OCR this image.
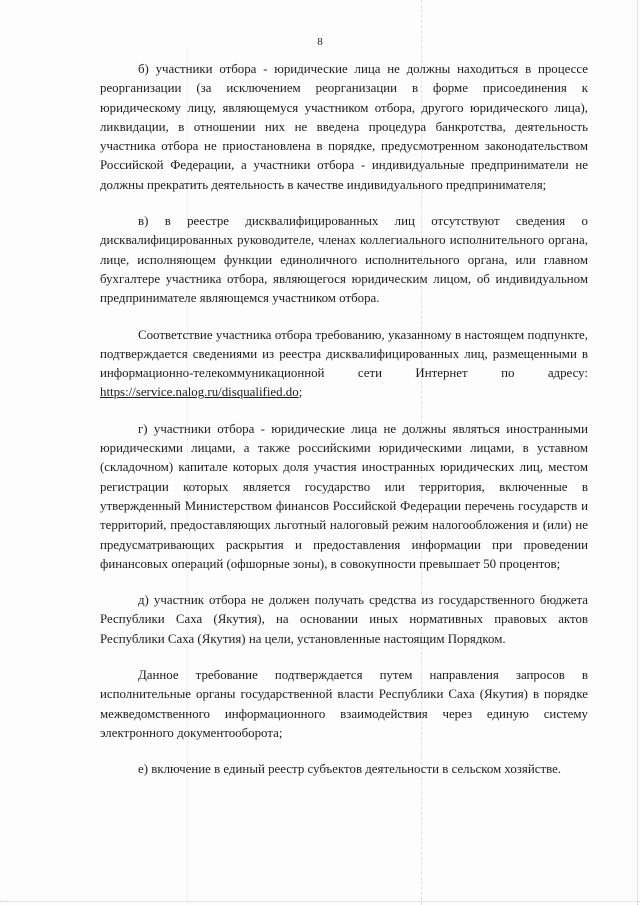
8

б) участники отбора - юридические лица не должны находиться в процессе реорганизации (за исключением реорганизации в форме присоединения к юридическому лицу, являющемуся участником отбора, другого юридического лица), ликвидации, в отношении них не введена процедура банкротства, деятельность участника отбора не приостановлена в порядке, предусмотренном законодательством Российской Федерации, а участники отбора - индивидуальные предприниматели не должны прекратить деятельность в качестве индивидуального предпринимателя;

в) в реестре дисквалифицированных лиц отсутствуют сведения о дисквалифицированных руководителе, членах коллегиального исполнительного органа, лице, исполняющем функции единоличного исполнительного органа, или главном бухгалтере участника отбора, являющегося юридическим лицом, об индивидуальном предпринимателе являющемся участником отбора.

Соответствие участника отбора требованию, указанному в настоящем подпункте, подтверждается сведениями из реестра дисквалифицированных лиц, размещенными в информационно-телекоммуникационной сети Интернет по адресу: https://service.nalog.ru/disqualified.do;

г) участники отбора - юридические лица не должны являться иностранными юридическими лицами, а также российскими юридическими лицами, в уставном (складочном) капитале которых доля участия иностранных юридических лиц, местом регистрации которых является государство или территория, включенные в утвержденный Министерством финансов Российской Федерации перечень государств и территорий, предоставляющих льготный налоговый режим налогообложения и (или) не предусматривающих раскрытия и предоставления информации при проведении финансовых операций (офшорные зоны), в совокупности превышает 50 процентов;

д) участник отбора не должен получать средства из государственного бюджета Республики Саха (Якутия), на основании иных нормативных правовых актов Республики Саха (Якутия) на цели, установленные настоящим Порядком.

Данное требование подтверждается путем направления запросов в исполнительные органы государственной власти Республики Саха (Якутия) в порядке межведомственного информационного взаимодействия через единую систему электронного документооборота;

е) включение в единый реестр субъектов деятельности в сельском хозяйстве.
